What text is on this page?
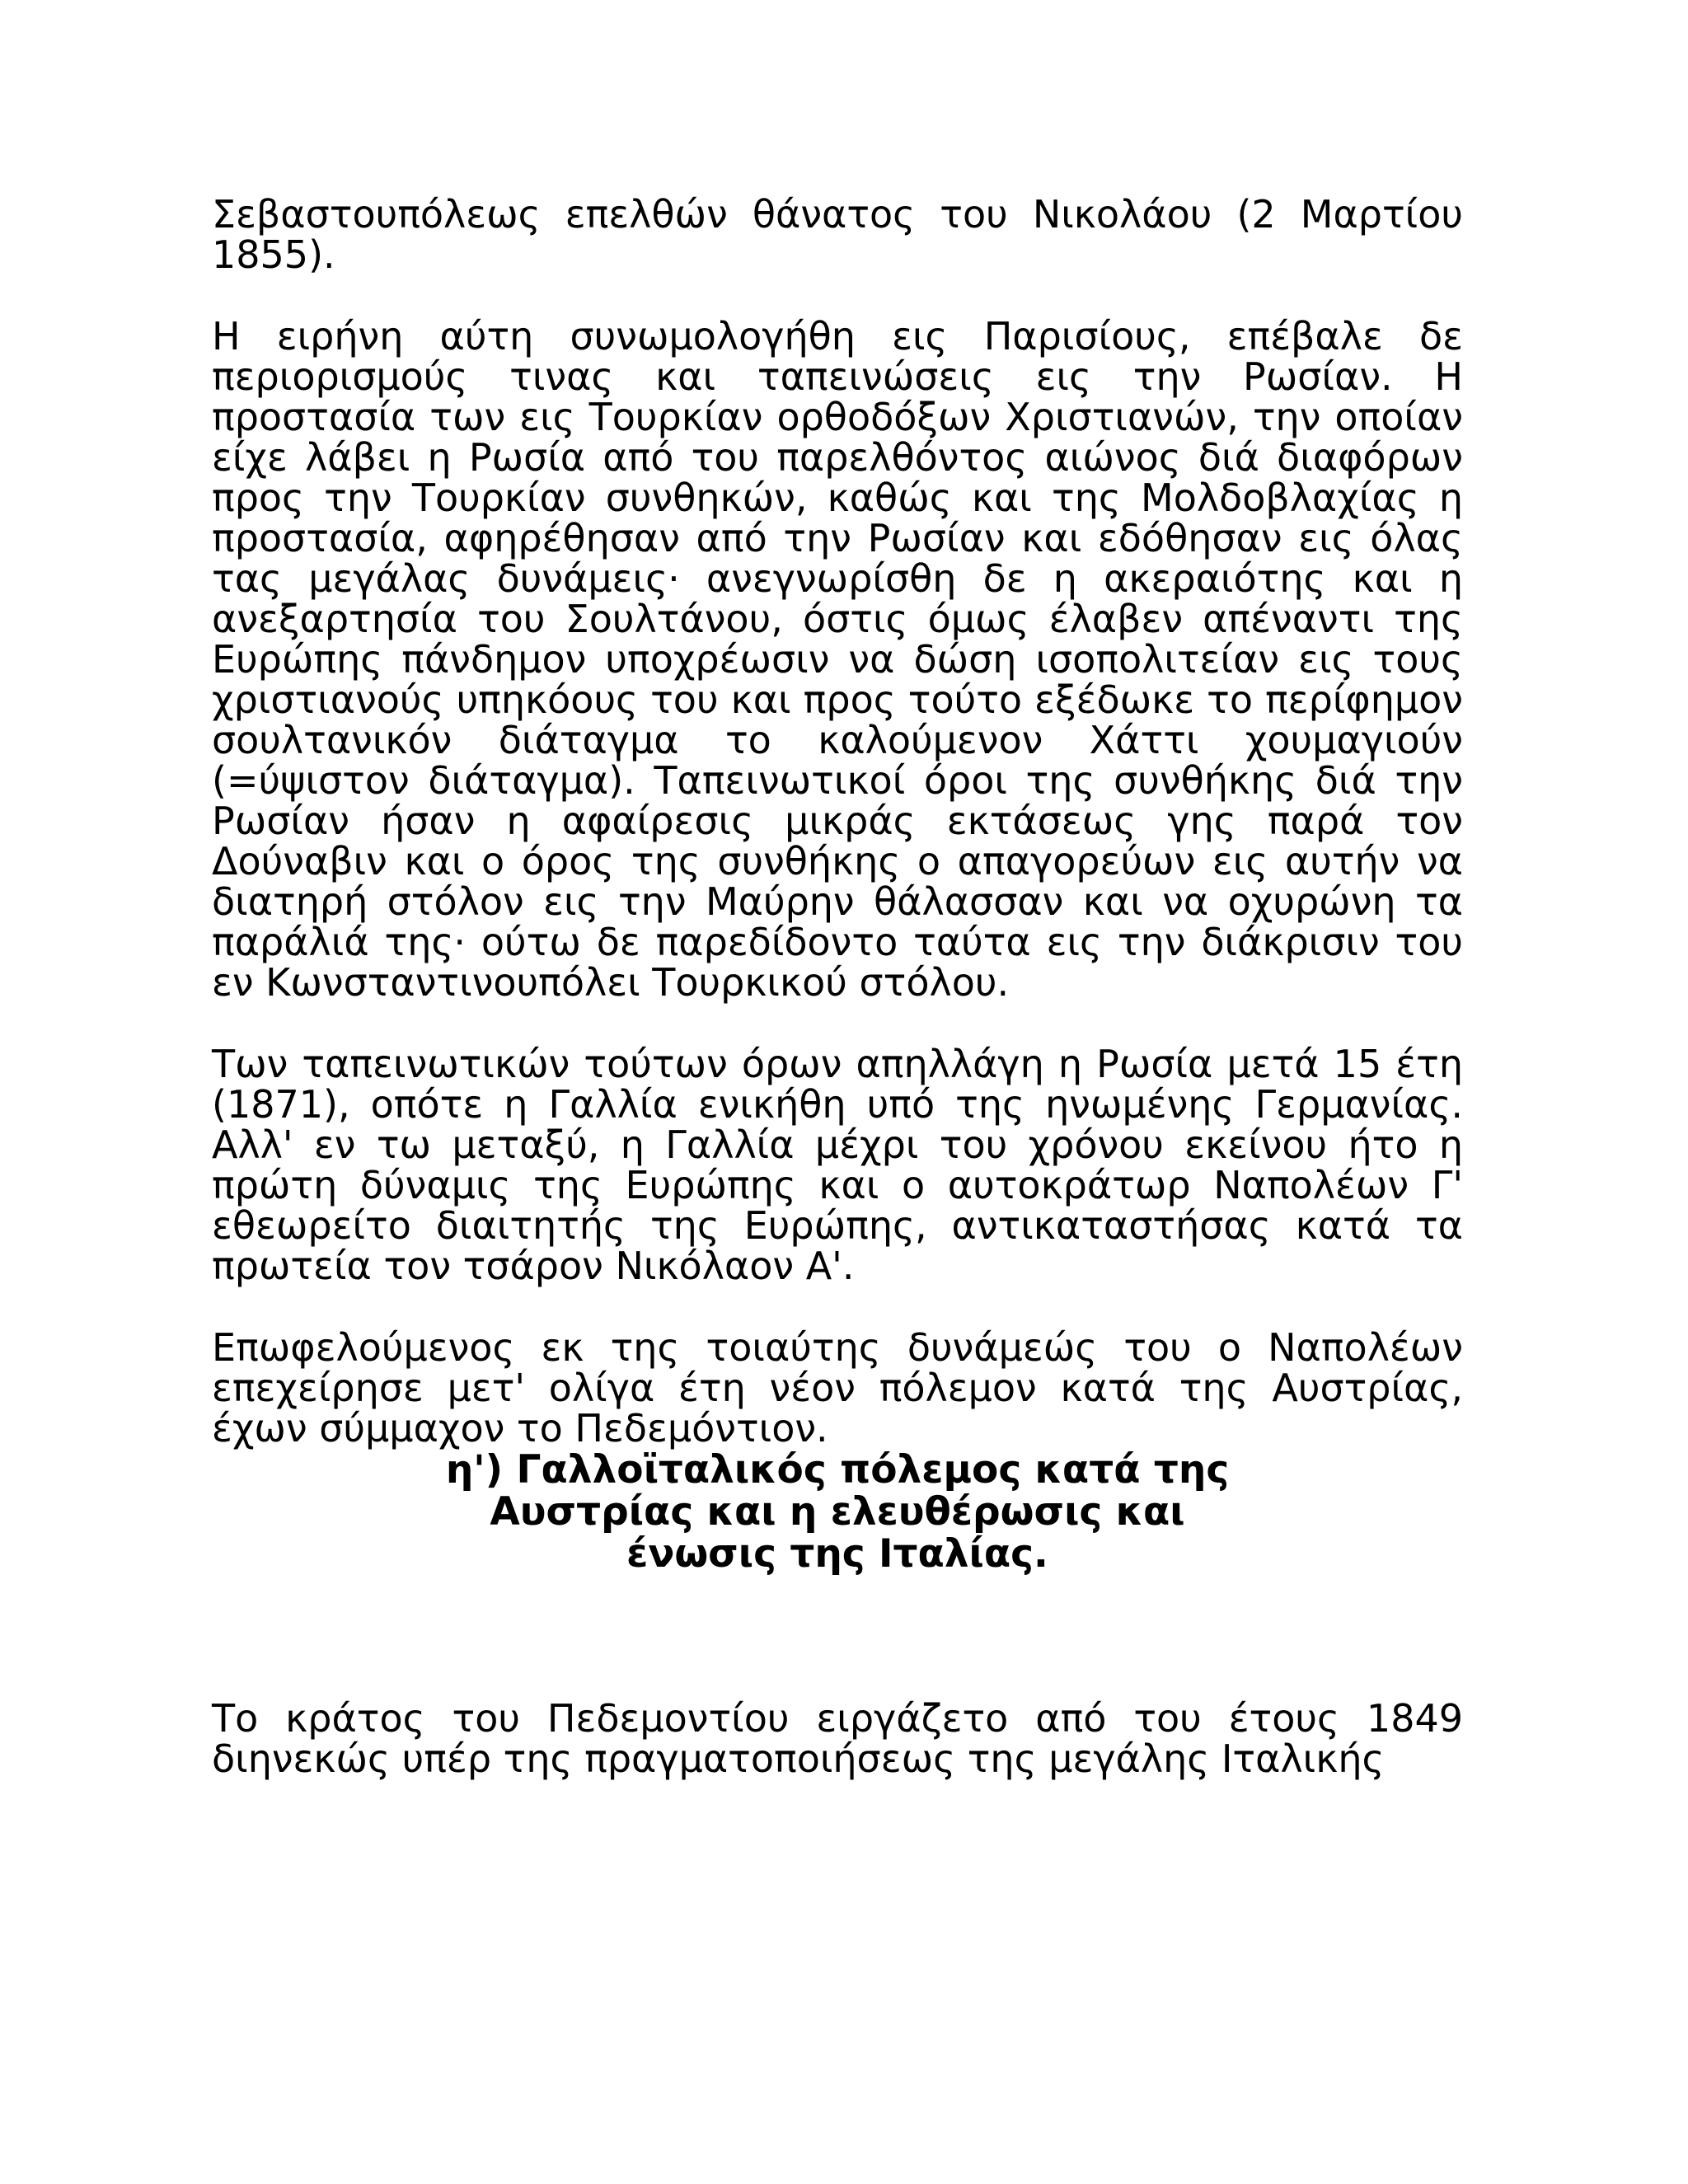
Σεβαστουπόλεως επελθών θάνατος του Νικολάου (2 Μαρτίου 1855).

Η ειρήνη αύτη συνωμολογήθη εις Παρισίους, επέβαλε δε περιορισμούς τινας και ταπεινώσεις εις την Ρωσίαν. Η προστασία των εις Τουρκίαν ορθοδόξων Χριστιανών, την οποίαν είχε λάβει η Ρωσία από του παρελθόντος αιώνος διά διαφόρων προς την Τουρκίαν συνθηκών, καθώς και της Μολδοβλαχίας η προστασία, αφηρέθησαν από την Ρωσίαν και εδόθησαν εις όλας τας μεγάλας δυνάμεις· ανεγνωρίσθη δε η ακεραιότης και η ανεξαρτησία του Σουλτάνου, όστις όμως έλαβεν απέναντι της Ευρώπης πάνδημον υποχρέωσιν να δώση ισοπολιτείαν εις τους χριστιανούς υπηκόους του και προς τούτο εξέδωκε το περίφημον σουλτανικόν διάταγμα το καλούμενον Χάττι χουμαγιούν (=ύψιστον διάταγμα). Ταπεινωτικοί όροι της συνθήκης διά την Ρωσίαν ήσαν η αφαίρεσις μικράς εκτάσεως γης παρά τον Δούναβιν και ο όρος της συνθήκης ο απαγορεύων εις αυτήν να διατηρή στόλον εις την Μαύρην θάλασσαν και να οχυρώνη τα παράλιά της· ούτω δε παρεδίδοντο ταύτα εις την διάκρισιν του εν Κωνσταντινουπόλει Τουρκικού στόλου.

Των ταπεινωτικών τούτων όρων απηλλάγη η Ρωσία μετά 15 έτη (1871), οπότε η Γαλλία ενικήθη υπό της ηνωμένης Γερμανίας. Αλλ' εν τω μεταξύ, η Γαλλία μέχρι του χρόνου εκείνου ήτο η πρώτη δύναμις της Ευρώπης και ο αυτοκράτωρ Ναπολέων Γ' εθεωρείτο διαιτητής της Ευρώπης, αντικαταστήσας κατά τα πρωτεία τον τσάρον Νικόλαον Α'.

Επωφελούμενος εκ της τοιαύτης δυνάμεώς του ο Ναπολέων επεχείρησε μετ' ολίγα έτη νέον πόλεμον κατά της Αυστρίας, έχων σύμμαχον το Πεδεμόντιον.

η') Γαλλοϊταλικός πόλεμος κατά της
Αυστρίας και η ελευθέρωσις και
ένωσις της Ιταλίας.

Το κράτος του Πεδεμοντίου ειργάζετο από του έτους 1849 διηνεκώς υπέρ της πραγματοποιήσεως της μεγάλης Ιταλικής
